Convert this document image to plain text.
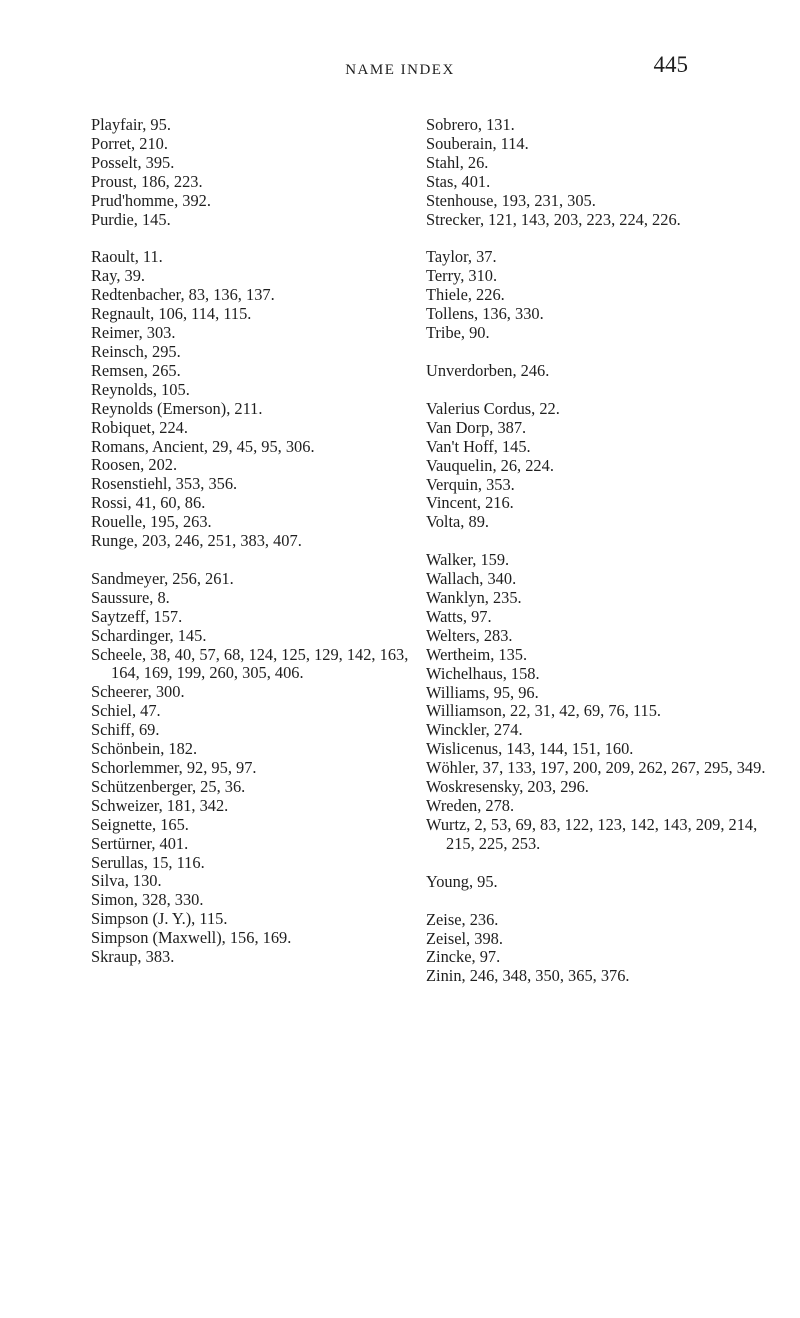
NAME INDEX	445
Playfair, 95.
Porret, 210.
Posselt, 395.
Proust, 186, 223.
Prud'homme, 392.
Purdie, 145.
Raoult, 11.
Ray, 39.
Redtenbacher, 83, 136, 137.
Regnault, 106, 114, 115.
Reimer, 303.
Reinsch, 295.
Remsen, 265.
Reynolds, 105.
Reynolds (Emerson), 211.
Robiquet, 224.
Romans, Ancient, 29, 45, 95, 306.
Roosen, 202.
Rosenstiehl, 353, 356.
Rossi, 41, 60, 86.
Rouelle, 195, 263.
Runge, 203, 246, 251, 383, 407.
Sandmeyer, 256, 261.
Saussure, 8.
Saytzeff, 157.
Schardinger, 145.
Scheele, 38, 40, 57, 68, 124, 125, 129, 142, 163, 164, 169, 199, 260, 305, 406.
Scheerer, 300.
Schiel, 47.
Schiff, 69.
Schönbein, 182.
Schorlemmer, 92, 95, 97.
Schützenberger, 25, 36.
Schweizer, 181, 342.
Seignette, 165.
Sertürner, 401.
Serullas, 15, 116.
Silva, 130.
Simon, 328, 330.
Simpson (J. Y.), 115.
Simpson (Maxwell), 156, 169.
Skraup, 383.
Sobrero, 131.
Souberain, 114.
Stahl, 26.
Stas, 401.
Stenhouse, 193, 231, 305.
Strecker, 121, 143, 203, 223, 224, 226.
Taylor, 37.
Terry, 310.
Thiele, 226.
Tollens, 136, 330.
Tribe, 90.
Unverdorben, 246.
Valerius Cordus, 22.
Van Dorp, 387.
Van't Hoff, 145.
Vauquelin, 26, 224.
Verquin, 353.
Vincent, 216.
Volta, 89.
Walker, 159.
Wallach, 340.
Wanklyn, 235.
Watts, 97.
Welters, 283.
Wertheim, 135.
Wichelhaus, 158.
Williams, 95, 96.
Williamson, 22, 31, 42, 69, 76, 115.
Winckler, 274.
Wislicenus, 143, 144, 151, 160.
Wöhler, 37, 133, 197, 200, 209, 262, 267, 295, 349.
Woskresensky, 203, 296.
Wreden, 278.
Wurtz, 2, 53, 69, 83, 122, 123, 142, 143, 209, 214, 215, 225, 253.
Young, 95.
Zeise, 236.
Zeisel, 398.
Zincke, 97.
Zinin, 246, 348, 350, 365, 376.
